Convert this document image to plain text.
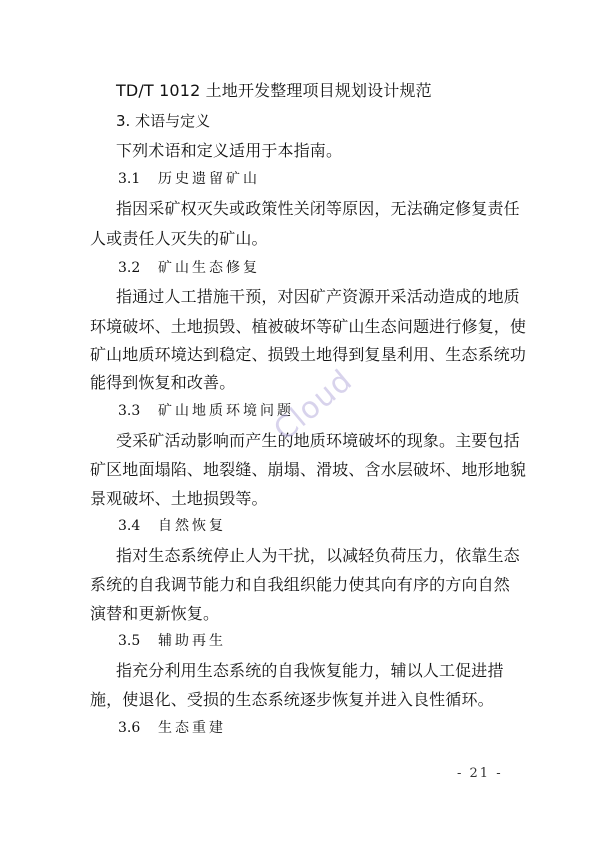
TD/T 1012 土地开发整理项目规划设计规范

3. 术语与定义

下列术语和定义适用于本指南。

3.1 历史遗留矿山

指因采矿权灭失或政策性关闭等原因，无法确定修复责任

人或责任人灭失的矿山。

3.2 矿山生态修复

指通过人工措施干预，对因矿产资源开采活动造成的地质

环境破坏、土地损毁、植被破坏等矿山生态问题进行修复，使

矿山地质环境达到稳定、损毁土地得到复垦利用、生态系统功

能得到恢复和改善。

3.3 矿山地质环境问题

受采矿活动影响而产生的地质环境破坏的现象。主要包括

矿区地面塌陷、地裂缝、崩塌、滑坡、含水层破坏、地形地貌

景观破坏、土地损毁等。

3.4 自然恢复

指对生态系统停止人为干扰，以减轻负荷压力，依靠生态

系统的自我调节能力和自我组织能力使其向有序的方向自然

演替和更新恢复。

3.5 辅助再生

指充分利用生态系统的自我恢复能力，辅以人工促进措

施，使退化、受损的生态系统逐步恢复并进入良性循环。

3.6 生态重建
Cloud
- 21 -
